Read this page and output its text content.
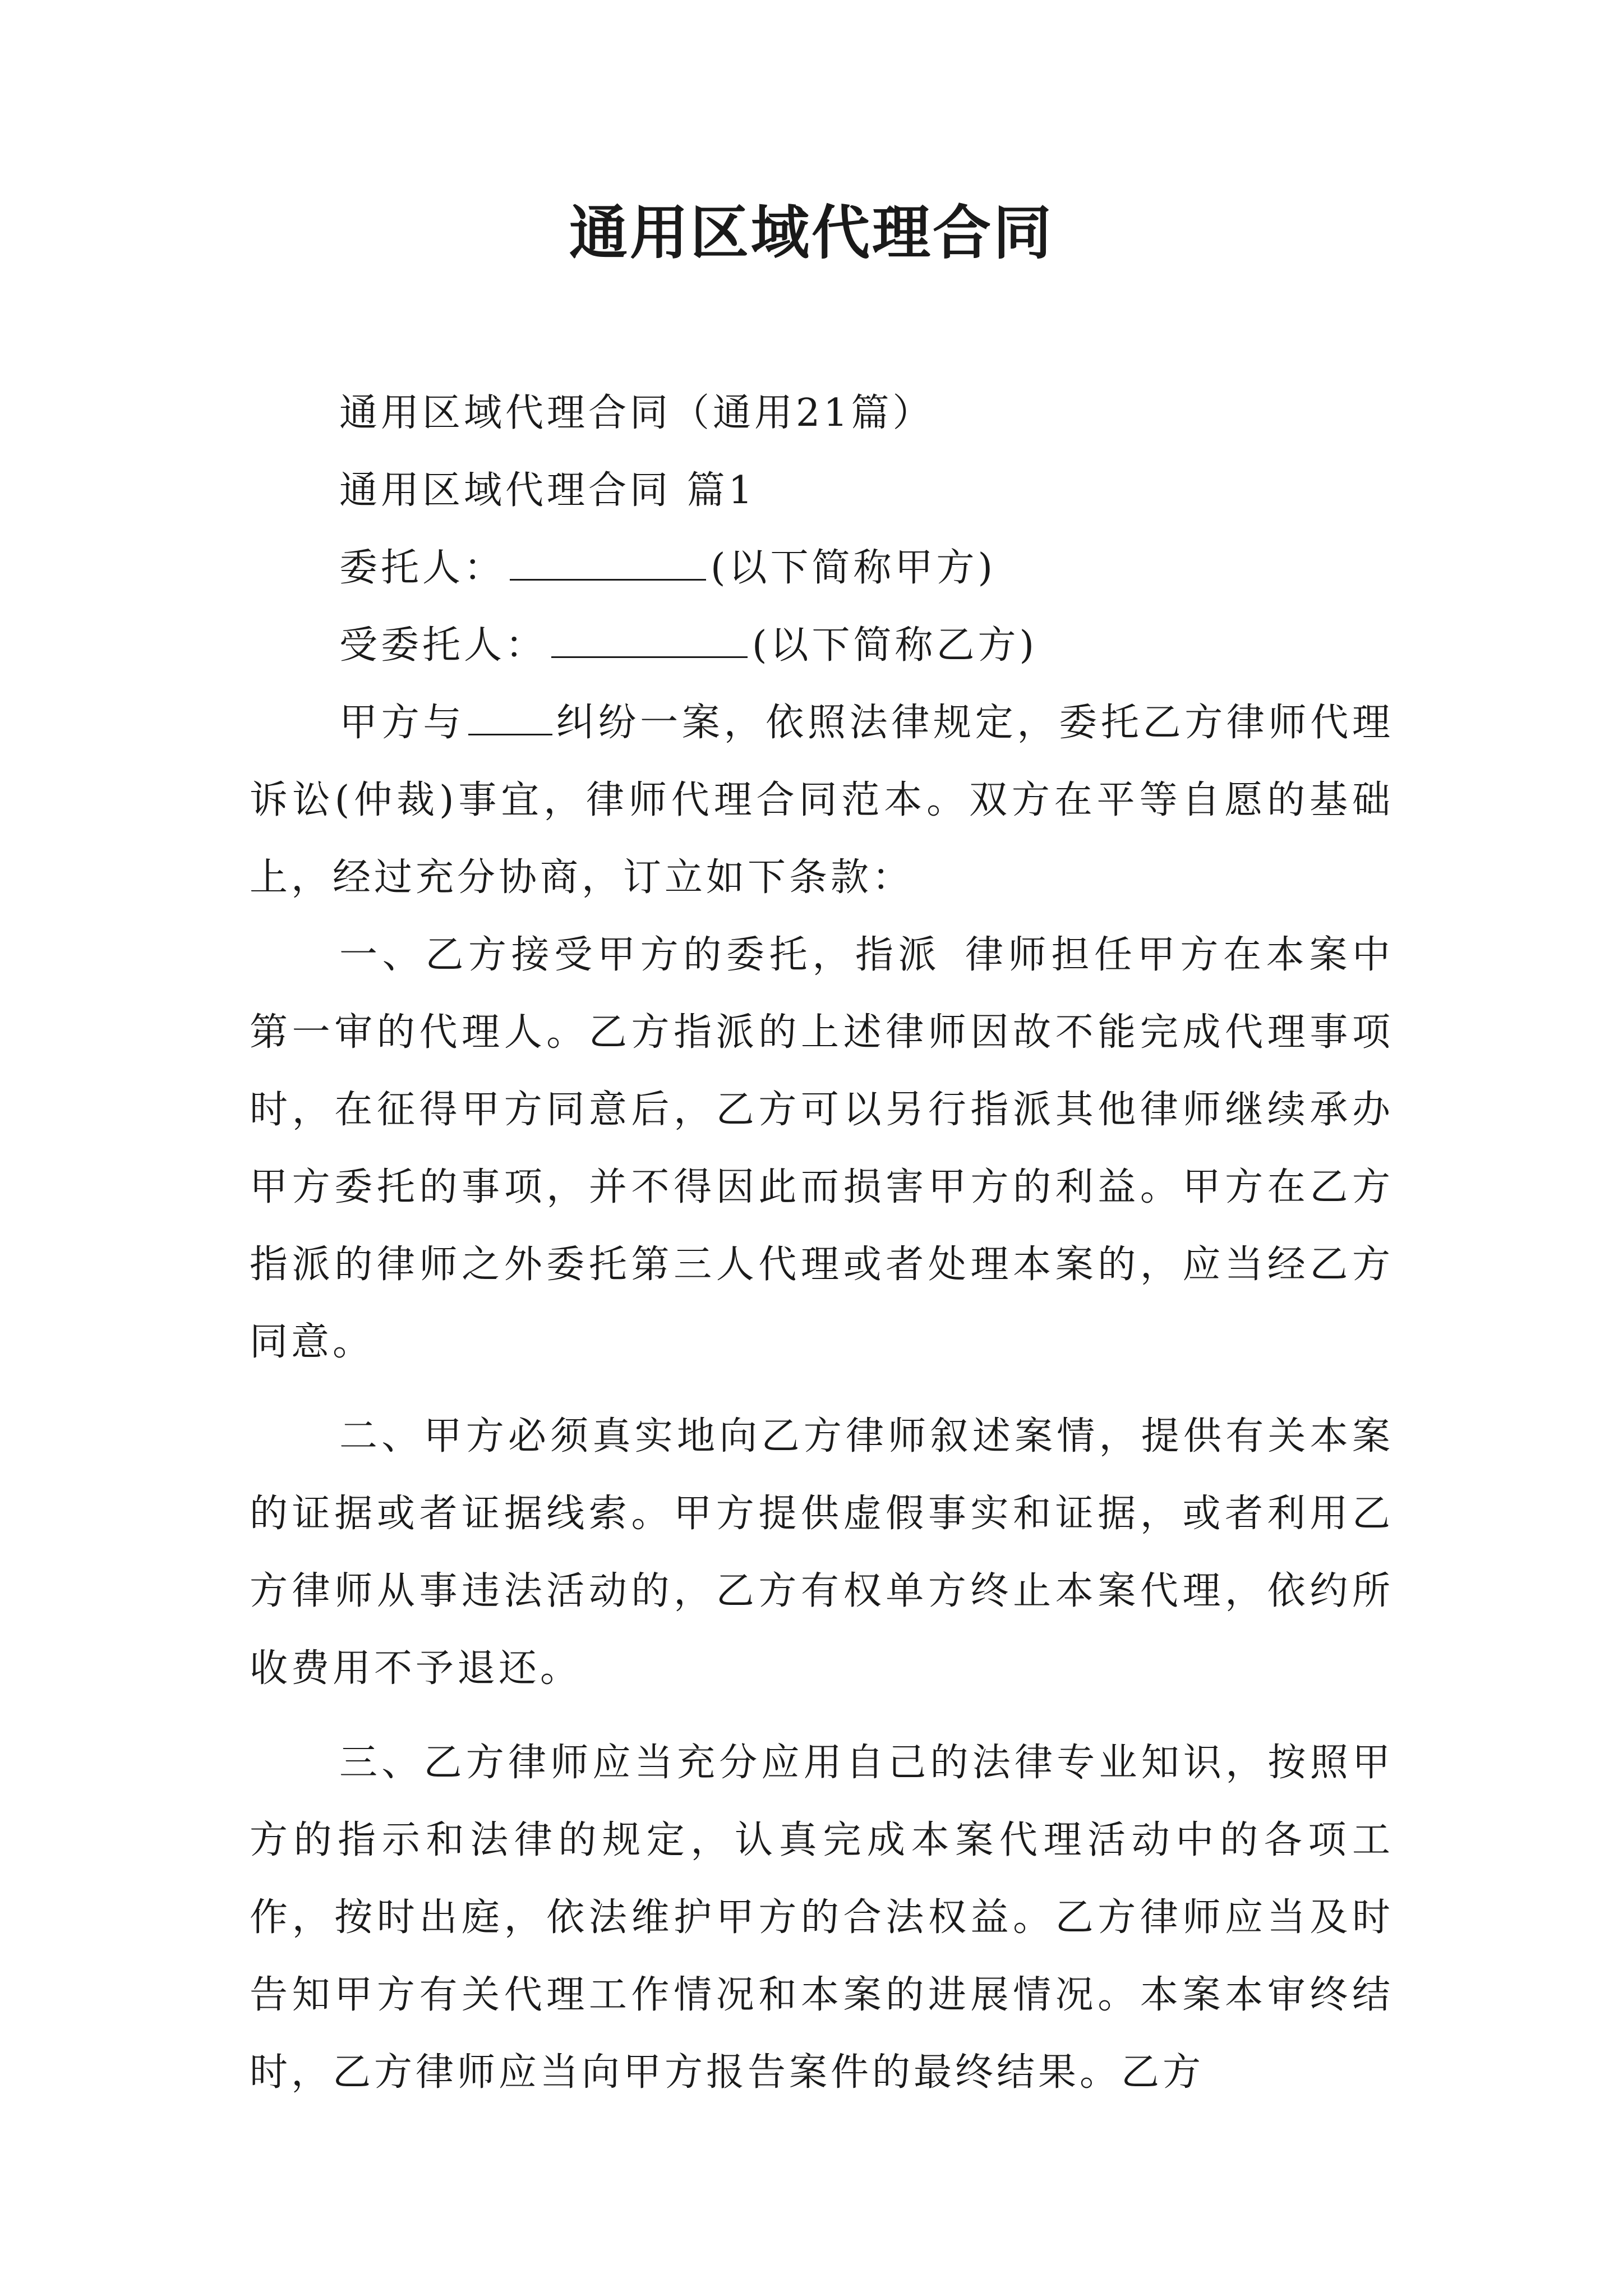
通用区域代理合同

通用区域代理合同（通用21篇）

通用区域代理合同 篇1

委托人：	(以下简称甲方)

受委托人：	(以下简称乙方)

甲方与 纠纷一案，依照法律规定，委托乙方律师代理诉讼(仲裁)事宜，律师代理合同范本。双方在平等自愿的基础上，经过充分协商，订立如下条款：

一、乙方接受甲方的委托，指派 律师担任甲方在本案中第一审的代理人。乙方指派的上述律师因故不能完成代理事项时，在征得甲方同意后，乙方可以另行指派其他律师继续承办甲方委托的事项，并不得因此而损害甲方的利益。甲方在乙方指派的律师之外委托第三人代理或者处理本案的，应当经乙方同意。

二、甲方必须真实地向乙方律师叙述案情，提供有关本案的证据或者证据线索。甲方提供虚假事实和证据，或者利用乙方律师从事违法活动的，乙方有权单方终止本案代理，依约所收费用不予退还。

三、乙方律师应当充分应用自己的法律专业知识，按照甲方的指示和法律的规定，认真完成本案代理活动中的各项工作，按时出庭，依法维护甲方的合法权益。乙方律师应当及时告知甲方有关代理工作情况和本案的进展情况。本案本审终结时，乙方律师应当向甲方报告案件的最终结果。乙方
